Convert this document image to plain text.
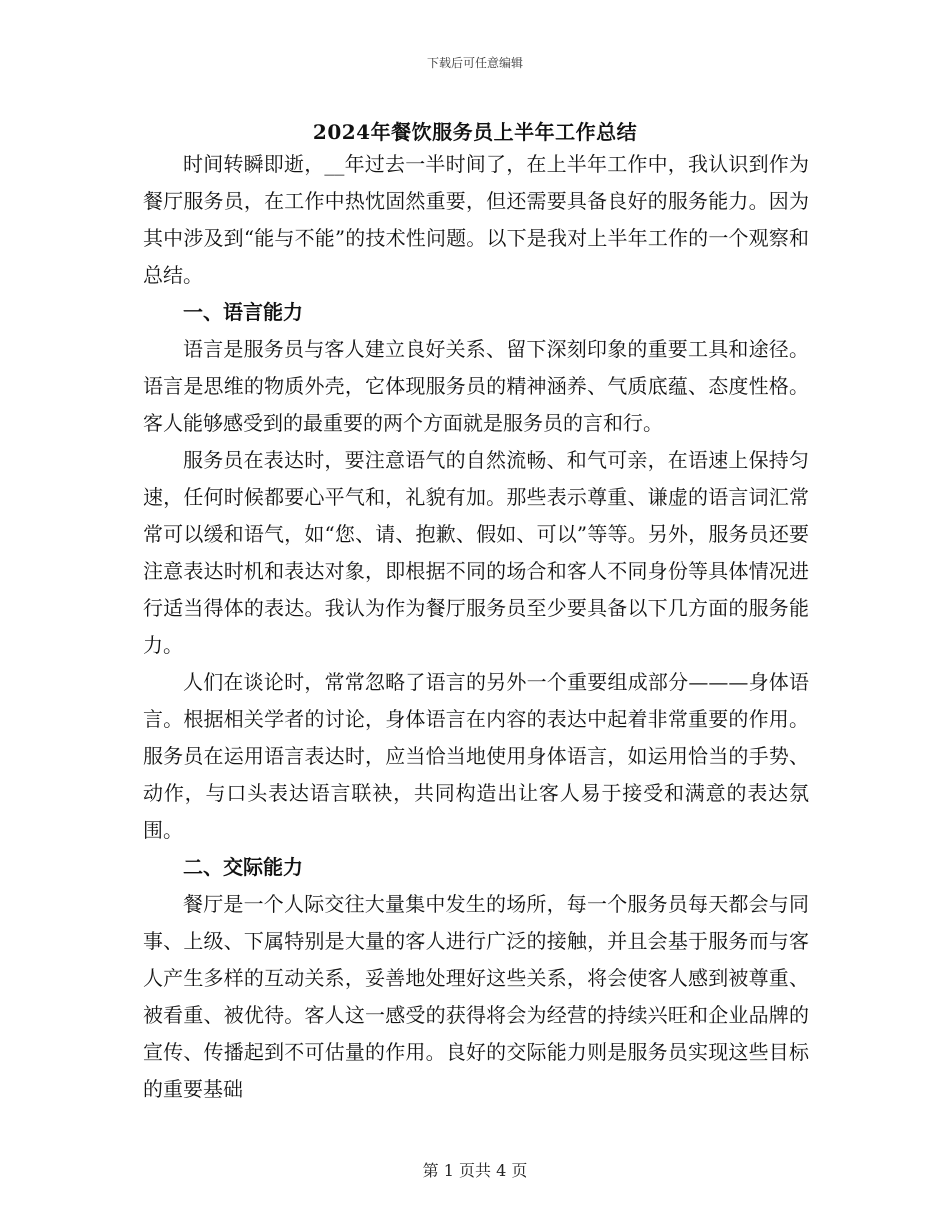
下载后可任意编辑
2024年餐饮服务员上半年工作总结

时间转瞬即逝，__年过去一半时间了，在上半年工作中，我认识到作为餐厅服务员，在工作中热忱固然重要，但还需要具备良好的服务能力。因为其中涉及到“能与不能”的技术性问题。以下是我对上半年工作的一个观察和总结。

一、语言能力

语言是服务员与客人建立良好关系、留下深刻印象的重要工具和途径。语言是思维的物质外壳，它体现服务员的精神涵养、气质底蕴、态度性格。客人能够感受到的最重要的两个方面就是服务员的言和行。

服务员在表达时，要注意语气的自然流畅、和气可亲，在语速上保持匀速，任何时候都要心平气和，礼貌有加。那些表示尊重、谦虚的语言词汇常常可以缓和语气，如“您、请、抱歉、假如、可以”等等。另外，服务员还要注意表达时机和表达对象，即根据不同的场合和客人不同身份等具体情况进行适当得体的表达。我认为作为餐厅服务员至少要具备以下几方面的服务能力。

人们在谈论时，常常忽略了语言的另外一个重要组成部分———身体语言。根据相关学者的讨论，身体语言在内容的表达中起着非常重要的作用。服务员在运用语言表达时，应当恰当地使用身体语言，如运用恰当的手势、动作，与口头表达语言联袂，共同构造出让客人易于接受和满意的表达氛围。

二、交际能力

餐厅是一个人际交往大量集中发生的场所，每一个服务员每天都会与同事、上级、下属特别是大量的客人进行广泛的接触，并且会基于服务而与客人产生多样的互动关系，妥善地处理好这些关系，将会使客人感到被尊重、被看重、被优待。客人这一感受的获得将会为经营的持续兴旺和企业品牌的宣传、传播起到不可估量的作用。良好的交际能力则是服务员实现这些目标的重要基础

第 1 页共 4 页
